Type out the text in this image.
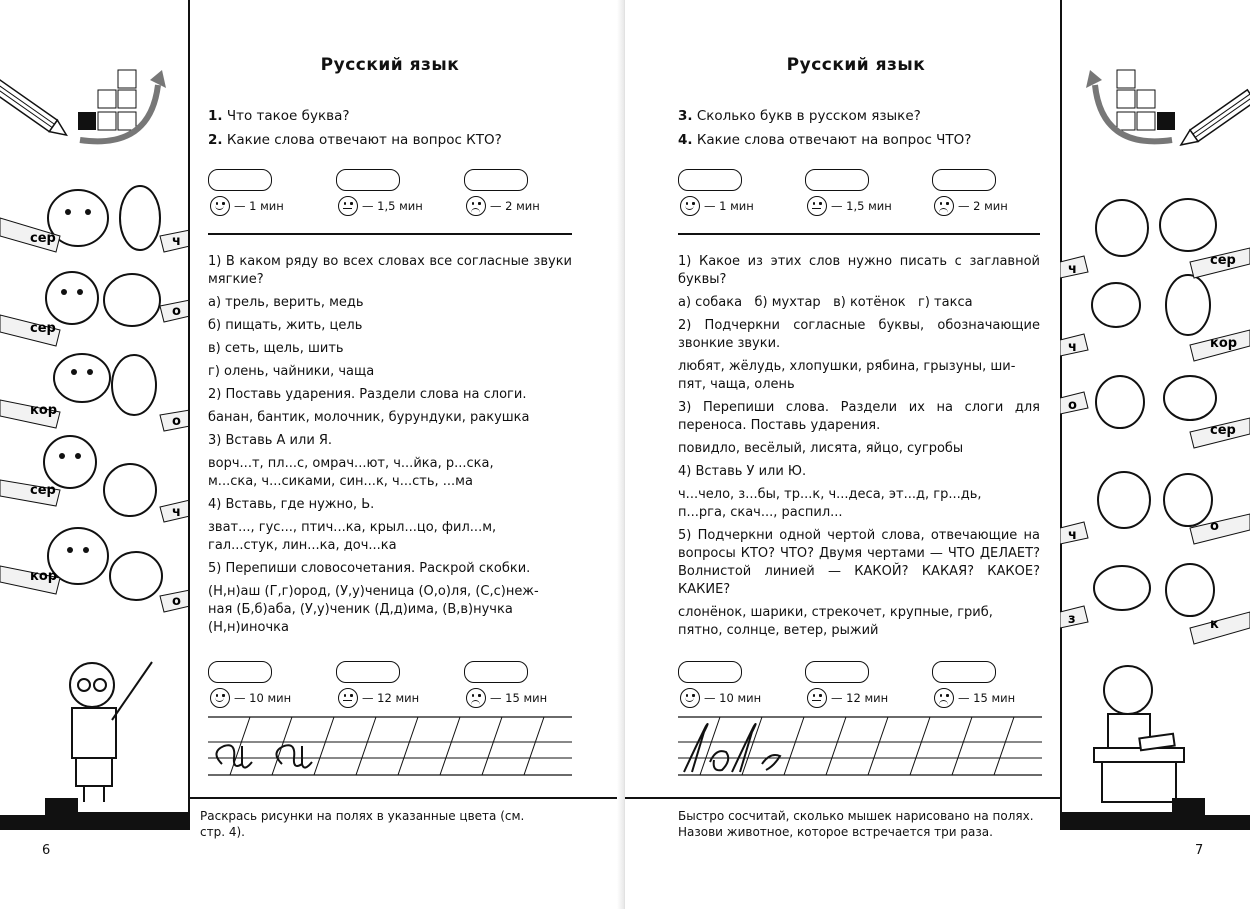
сер	ч
сер
о
кор
о
сер
ч
кор
о
Русский язык
1. Что такое буква?
2. Какие слова отвечают на вопрос КТО?
— 1 мин	— 1,5 мин	— 2 мин

1) В каком ряду во всех словах все согласные звуки мягкие?

а) трель, верить, медь

б) пищать, жить, цель

в) сеть, щель, шить

г) олень, чайники, чаща

2) Поставь ударения. Раздели слова на слоги.

банан, бантик, молочник, бурундуки, ракушка

3) Вставь А или Я.

ворч...т, пл...с, омрач...ют, ч...йка, р...ска,

м...ска, ч...сиками, син...к, ч...сть, ...ма

4) Вставь, где нужно, Ь.

зват..., гус..., птич...ка, крыл...цо, фил...м,

гал...стук, лин...ка, доч...ка

5) Перепиши словосочетания. Раскрой скобки.

(Н,н)аш (Г,г)ород, (У,у)ченица (О,о)ля, (С,с)неж-

ная (Б,б)аба, (У,у)ченик (Д,д)има, (В,в)нучка

(Н,н)иночка

— 10 мин	— 12 мин	— 15 мин
Раскрась рисунки на полях в указанные цвета (см.
стр. 4).
6
ч
сер
ч	кор
о
сер
ч
о
з	к
Русский язык
3. Сколько букв в русском языке?
4. Какие слова отвечают на вопрос ЧТО?
— 1 мин	— 1,5 мин	— 2 мин

1) Какое из этих слов нужно писать с заглавной буквы?

а) собака   б) мухтар   в) котёнок   г) такса

2) Подчеркни согласные буквы, обозначающие звонкие звуки.

любят, жёлудь, хлопушки, рябина, грызуны, ши-

пят, чаща, олень

3) Перепиши слова. Раздели их на слоги для переноса. Поставь ударения.

повидло, весёлый, лисята, яйцо, сугробы

4) Вставь У или Ю.

ч...чело, з...бы, тр...к, ч...деса, эт...д, гр...дь,

п...рга, скач..., распил...

5) Подчеркни одной чертой слова, отвечающие на вопросы КТО? ЧТО? Двумя чертами — ЧТО ДЕЛАЕТ? Волнистой линией — КАКОЙ? КАКАЯ? КАКОЕ? КАКИЕ?

слонёнок, шарики, стрекочет, крупные, гриб,

пятно, солнце, ветер, рыжий

— 10 мин	— 12 мин	— 15 мин
Быстро сосчитай, сколько мышек нарисовано на полях.
Назови животное, которое встречается три раза.
7
